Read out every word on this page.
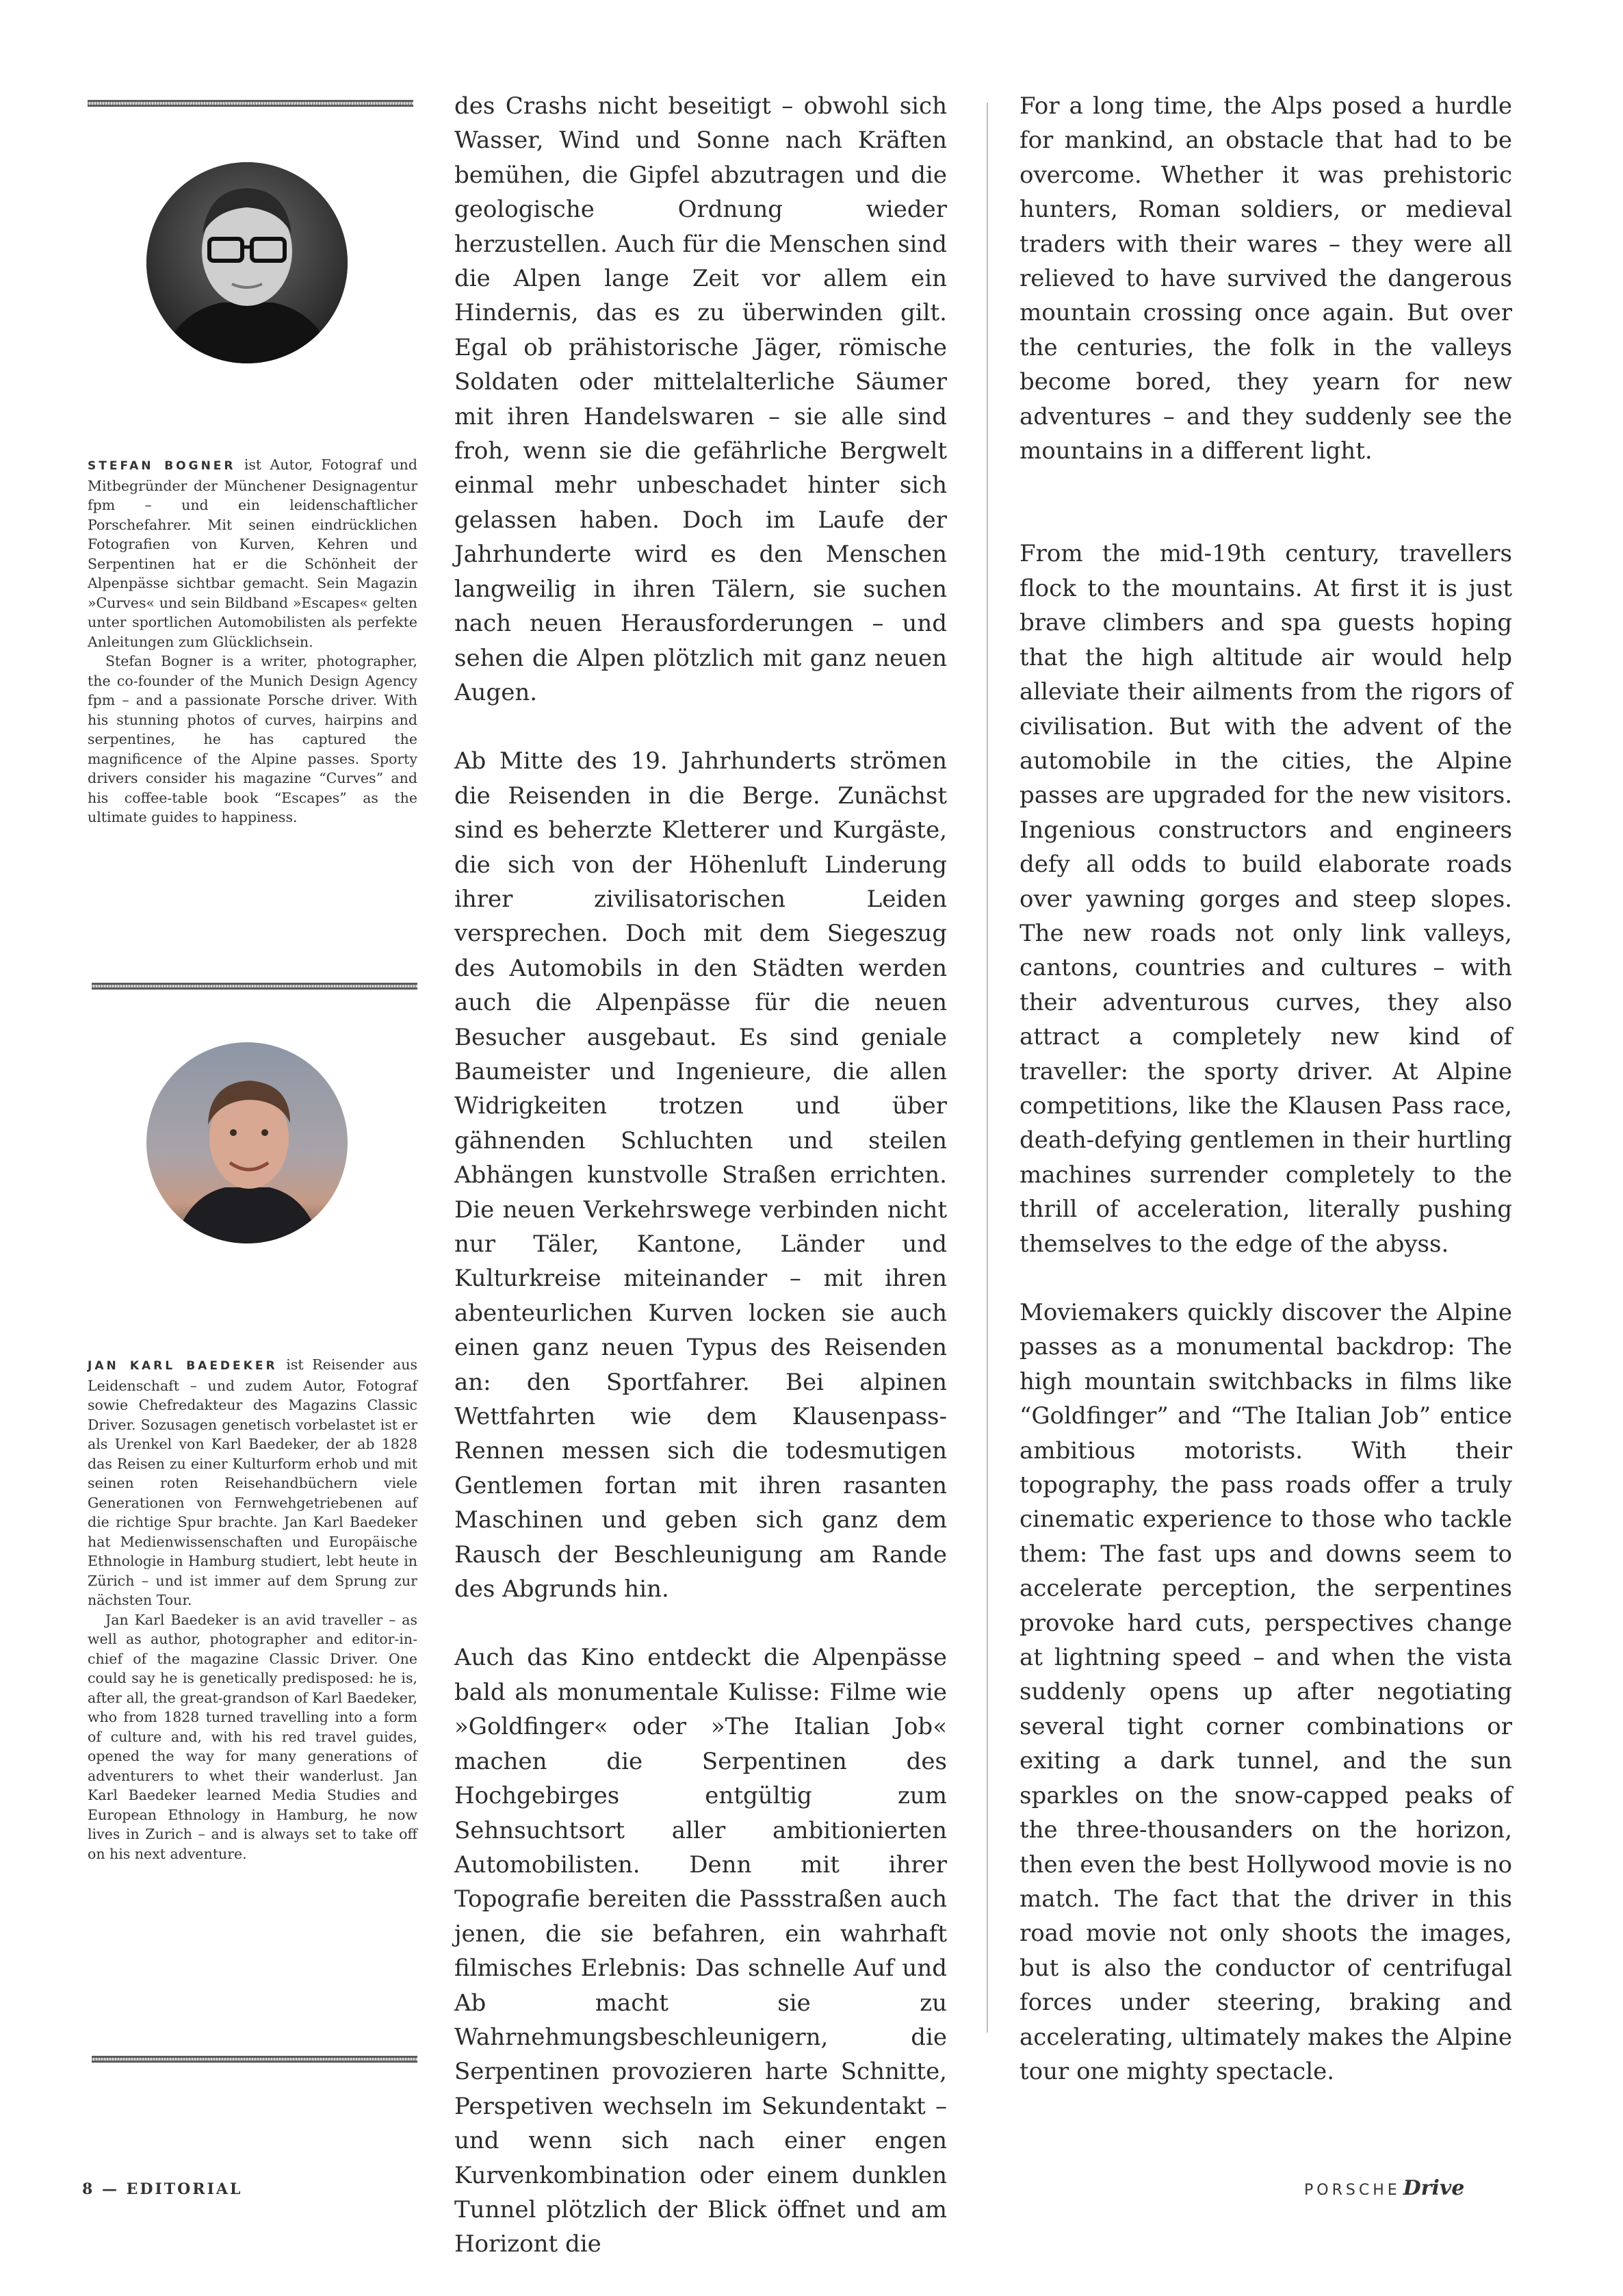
STEFAN BOGNER ist Autor, Fotograf und Mitbegründer der Münchener Designagentur fpm – und ein leidenschaftlicher Porschefahrer. Mit seinen eindrücklichen Fotografien von Kurven, Kehren und Serpentinen hat er die Schönheit der Alpenpässe sichtbar gemacht. Sein Magazin »Curves« und sein Bildband »Escapes« gelten unter sportlichen Automobilisten als perfekte Anleitungen zum Glücklichsein.

Stefan Bogner is a writer, photographer, the co-founder of the Munich Design Agency fpm – and a passionate Porsche driver. With his stunning photos of curves, hairpins and serpentines, he has captured the magnificence of the Alpine passes. Sporty drivers consider his magazine “Curves” and his coffee-table book “Escapes” as the ultimate guides to happiness.

JAN KARL BAEDEKER ist Reisender aus Leidenschaft – und zudem Autor, Fotograf sowie Chefredakteur des Magazins Classic Driver. Sozusagen genetisch vorbelastet ist er als Urenkel von Karl Baedeker, der ab 1828 das Reisen zu einer Kulturform erhob und mit seinen roten Reisehandbüchern viele Generationen von Fernwehgetriebenen auf die richtige Spur brachte. Jan Karl Baedeker hat Medienwissenschaften und Europäische Ethnologie in Hamburg studiert, lebt heute in Zürich – und ist immer auf dem Sprung zur nächsten Tour.

Jan Karl Baedeker is an avid traveller – as well as author, photographer and editor-in-chief of the magazine Classic Driver. One could say he is genetically predisposed: he is, after all, the great-grandson of Karl Baedeker, who from 1828 turned travelling into a form of culture and, with his red travel guides, opened the way for many generations of adventurers to whet their wanderlust. Jan Karl Baedeker learned Media Studies and European Ethnology in Hamburg, he now lives in Zurich – and is always set to take off on his next adventure.

des Crashs nicht beseitigt – obwohl sich Wasser, Wind und Sonne nach Kräften bemühen, die Gipfel abzutragen und die geologische Ordnung wieder herzustellen. Auch für die Menschen sind die Alpen lange Zeit vor allem ein Hindernis, das es zu überwinden gilt. Egal ob prähistorische Jäger, römische Soldaten oder mittelalterliche Säumer mit ihren Handelswaren – sie alle sind froh, wenn sie die gefährliche Bergwelt einmal mehr unbeschadet hinter sich gelassen haben. Doch im Laufe der Jahrhunderte wird es den Menschen langweilig in ihren Tälern, sie suchen nach neuen Herausforderungen – und sehen die Alpen plötzlich mit ganz neuen Augen.

Ab Mitte des 19. Jahrhunderts strömen die Reisenden in die Berge. Zunächst sind es beherzte Kletterer und Kurgäste, die sich von der Höhenluft Linderung ihrer zivilisatorischen Leiden versprechen. Doch mit dem Siegeszug des Automobils in den Städten werden auch die Alpenpässe für die neuen Besucher ausgebaut. Es sind geniale Baumeister und Ingenieure, die allen Widrigkeiten trotzen und über gähnenden Schluchten und steilen Abhängen kunstvolle Straßen errichten. Die neuen Verkehrswege verbinden nicht nur Täler, Kantone, Länder und Kulturkreise miteinander – mit ihren abenteurlichen Kurven locken sie auch einen ganz neuen Typus des Reisenden an: den Sportfahrer. Bei alpinen Wettfahrten wie dem Klausenpass-Rennen messen sich die todesmutigen Gentlemen fortan mit ihren rasanten Maschinen und geben sich ganz dem Rausch der Beschleunigung am Rande des Abgrunds hin.

Auch das Kino entdeckt die Alpenpässe bald als monumentale Kulisse: Filme wie »Goldfinger« oder »The Italian Job« machen die Serpentinen des Hochgebirges entgültig zum Sehnsuchtsort aller ambitionierten Automobilisten. Denn mit ihrer Topografie bereiten die Passstraßen auch jenen, die sie befahren, ein wahrhaft filmisches Erlebnis: Das schnelle Auf und Ab macht sie zu Wahrnehmungsbeschleunigern, die Serpentinen provozieren harte Schnitte, Perspetiven wechseln im Sekundentakt – und wenn sich nach einer engen Kurvenkombination oder einem dunklen Tunnel plötzlich der Blick öffnet und am Horizont die

For a long time, the Alps posed a hurdle for mankind, an obstacle that had to be overcome. Whether it was prehistoric hunters, Roman soldiers, or medieval traders with their wares – they were all relieved to have survived the dangerous mountain crossing once again. But over the centuries, the folk in the valleys become bored, they yearn for new adventures – and they suddenly see the mountains in a different light.

From the mid-19th century, travellers flock to the mountains. At first it is just brave climbers and spa guests hoping that the high altitude air would help alleviate their ailments from the rigors of civilisation. But with the advent of the automobile in the cities, the Alpine passes are upgraded for the new visitors. Ingenious constructors and engineers defy all odds to build elaborate roads over yawning gorges and steep slopes. The new roads not only link valleys, cantons, countries and cultures – with their adventurous curves, they also attract a completely new kind of traveller: the sporty driver. At Alpine competitions, like the Klausen Pass race, death-defying gentlemen in their hurtling machines surrender completely to the thrill of acceleration, literally pushing themselves to the edge of the abyss.

Moviemakers quickly discover the Alpine passes as a monumental backdrop: The high mountain switchbacks in films like “Goldfinger” and “The Italian Job” entice ambitious motorists. With their topography, the pass roads offer a truly cinematic experience to those who tackle them: The fast ups and downs seem to accelerate perception, the serpentines provoke hard cuts, perspectives change at lightning speed – and when the vista suddenly opens up after negotiating several tight corner combinations or exiting a dark tunnel, and the sun sparkles on the snow-capped peaks of the three-thousanders on the horizon, then even the best Hollywood movie is no match. The fact that the driver in this road movie not only shoots the images, but is also the conductor of centrifugal forces under steering, braking and accelerating, ultimately makes the Alpine tour one mighty spectacle.

8 — EDITORIAL	PORSCHE Drive
